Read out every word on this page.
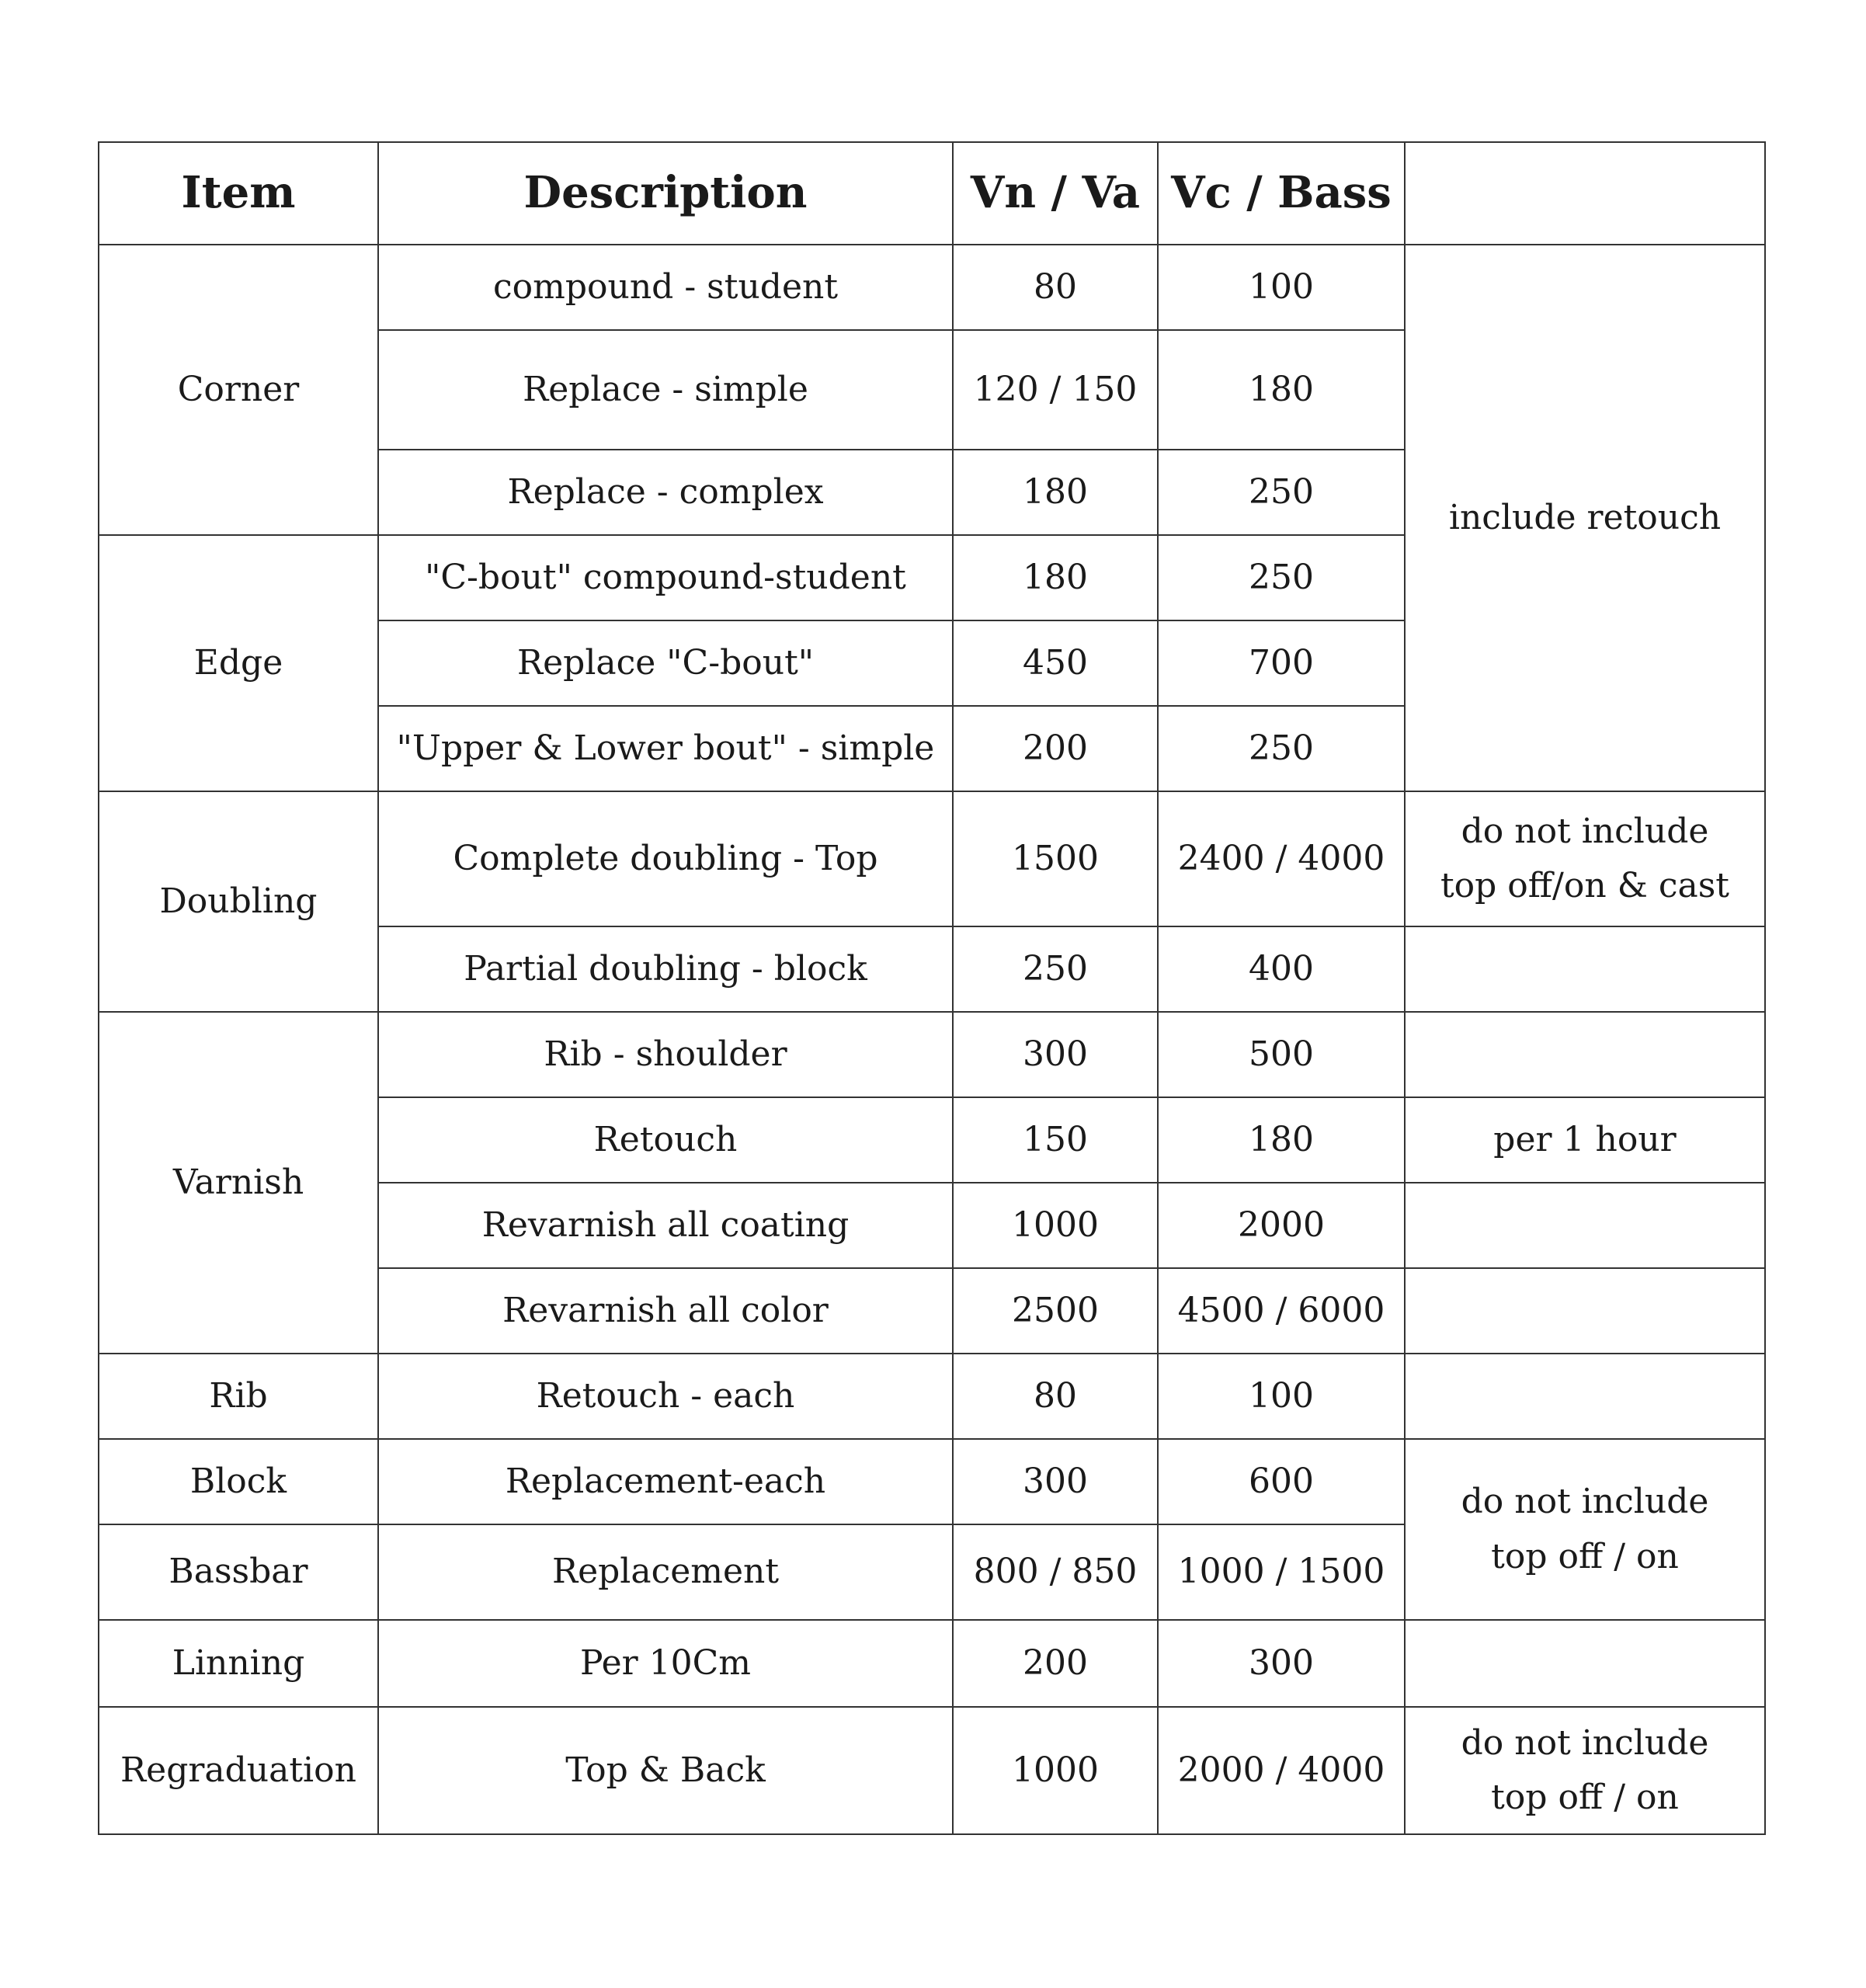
Item	Description	Vn / Va	Vc / Bass	
Corner	compound - student	80	100	include retouch
	Replace - simple	120 / 150	180	
	Replace - complex	180	250	
Edge	"C-bout" compound-student	180	250	
	Replace "C-bout"	450	700	
	"Upper & Lower bout" - simple	200	250	
Doubling	Complete doubling - Top	1500	2400 / 4000	do not include
top off/on & cast

	Partial doubling - block	250	400	
Varnish	Rib - shoulder	300	500	
	Retouch	150	180	per 1 hour
	Revarnish all coating	1000	2000	
	Revarnish all color	2500	4500 / 6000	
Rib	Retouch - each	80	100	
Block	Replacement-each	300	600	do not include
top off / on

Bassbar	Replacement	800 / 850	1000 / 1500	
Linning	Per 10Cm	200	300	
Regraduation	Top & Back	1000	2000 / 4000	do not include
top off / on
